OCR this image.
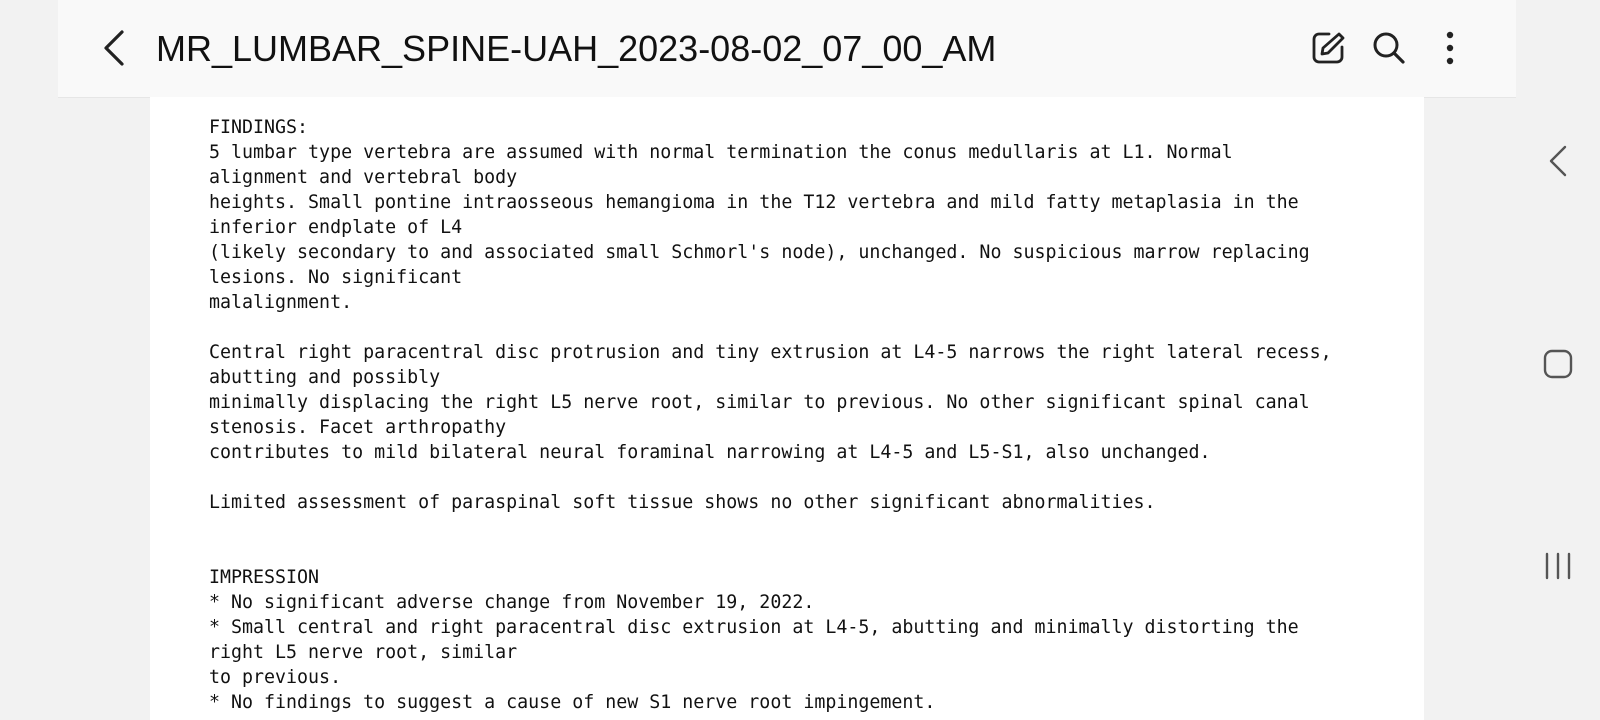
MR_LUMBAR_SPINE-UAH_2023-08-02_07_00_AM
FINDINGS:
5 lumbar type vertebra are assumed with normal termination the conus medullaris at L1. Normal
alignment and vertebral body
heights. Small pontine intraosseous hemangioma in the T12 vertebra and mild fatty metaplasia in the
inferior endplate of L4
(likely secondary to and associated small Schmorl's node), unchanged. No suspicious marrow replacing
lesions. No significant
malalignment.

Central right paracentral disc protrusion and tiny extrusion at L4-5 narrows the right lateral recess,
abutting and possibly
minimally displacing the right L5 nerve root, similar to previous. No other significant spinal canal
stenosis. Facet arthropathy
contributes to mild bilateral neural foraminal narrowing at L4-5 and L5-S1, also unchanged.

Limited assessment of paraspinal soft tissue shows no other significant abnormalities.

IMPRESSION
* No significant adverse change from November 19, 2022.
* Small central and right paracentral disc extrusion at L4-5, abutting and minimally distorting the
right L5 nerve root, similar
to previous.
* No findings to suggest a cause of new S1 nerve root impingement.
